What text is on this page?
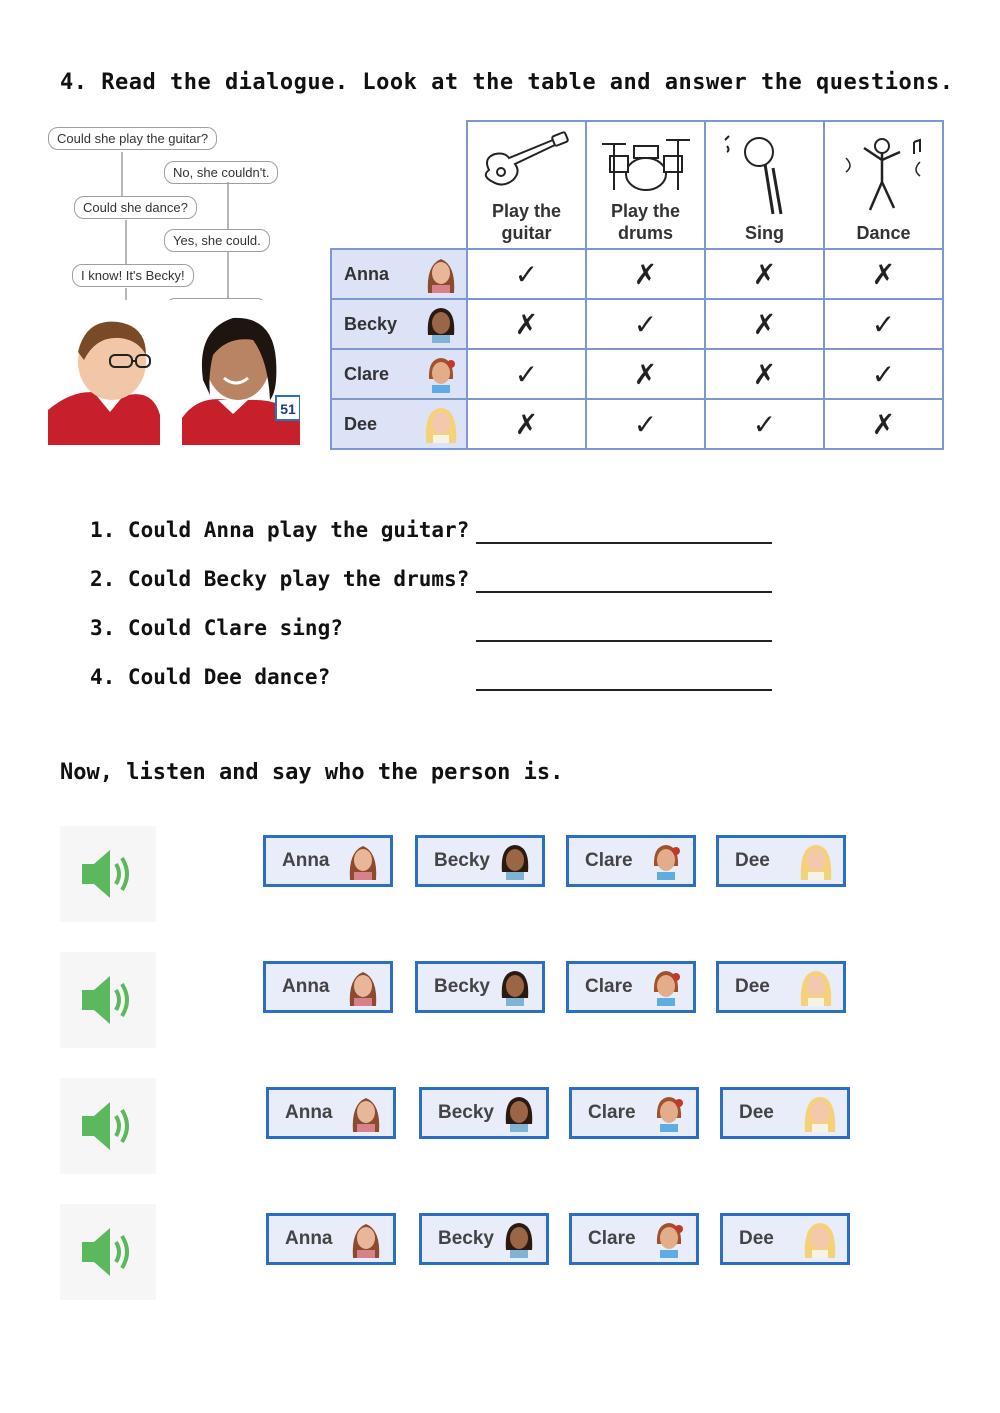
4. Read the dialogue. Look at the table and answer the questions.
Could she play the guitar?
No, she couldn't.
Could she dance?
Yes, she could.
I know! It's Becky!
51

	Play the guitar	Play the drums	Sing	Dance

Anna	✓	✗	✗	✗
Becky	✗	✓	✗	✓
Clare	✓	✗	✗	✓
Dee	✗	✓	✓	✗
1. Could Anna play the guitar?
2. Could Becky play the drums?
3. Could Clare sing?
4. Could Dee dance?
Now, listen and say who the person is.
Anna	Becky	Clare	Dee
Anna	Becky	Clare	Dee
Anna	Becky	Clare	Dee
Anna	Becky	Clare	Dee
